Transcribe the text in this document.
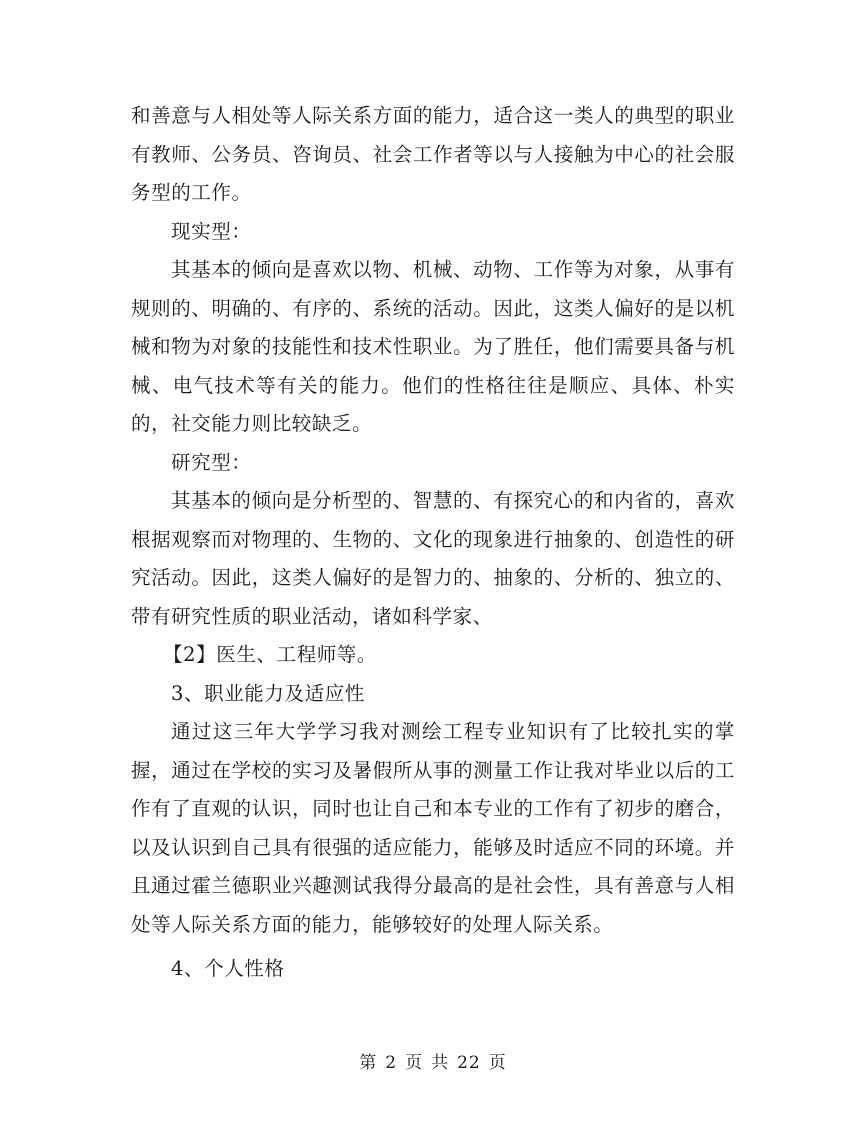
和善意与人相处等人际关系方面的能力，适合这一类人的典型的职业有教师、公务员、咨询员、社会工作者等以与人接触为中心的社会服务型的工作。

现实型：

其基本的倾向是喜欢以物、机械、动物、工作等为对象，从事有规则的、明确的、有序的、系统的活动。因此，这类人偏好的是以机械和物为对象的技能性和技术性职业。为了胜任，他们需要具备与机械、电气技术等有关的能力。他们的性格往往是顺应、具体、朴实的，社交能力则比较缺乏。

研究型：

其基本的倾向是分析型的、智慧的、有探究心的和内省的，喜欢根据观察而对物理的、生物的、文化的现象进行抽象的、创造性的研究活动。因此，这类人偏好的是智力的、抽象的、分析的、独立的、带有研究性质的职业活动，诸如科学家、

【2】医生、工程师等。

3、职业能力及适应性

通过这三年大学学习我对测绘工程专业知识有了比较扎实的掌握，通过在学校的实习及暑假所从事的测量工作让我对毕业以后的工作有了直观的认识，同时也让自己和本专业的工作有了初步的磨合，以及认识到自己具有很强的适应能力，能够及时适应不同的环境。并且通过霍兰德职业兴趣测试我得分最高的是社会性，具有善意与人相处等人际关系方面的能力，能够较好的处理人际关系。

4、个人性格

第 2 页 共 22 页
